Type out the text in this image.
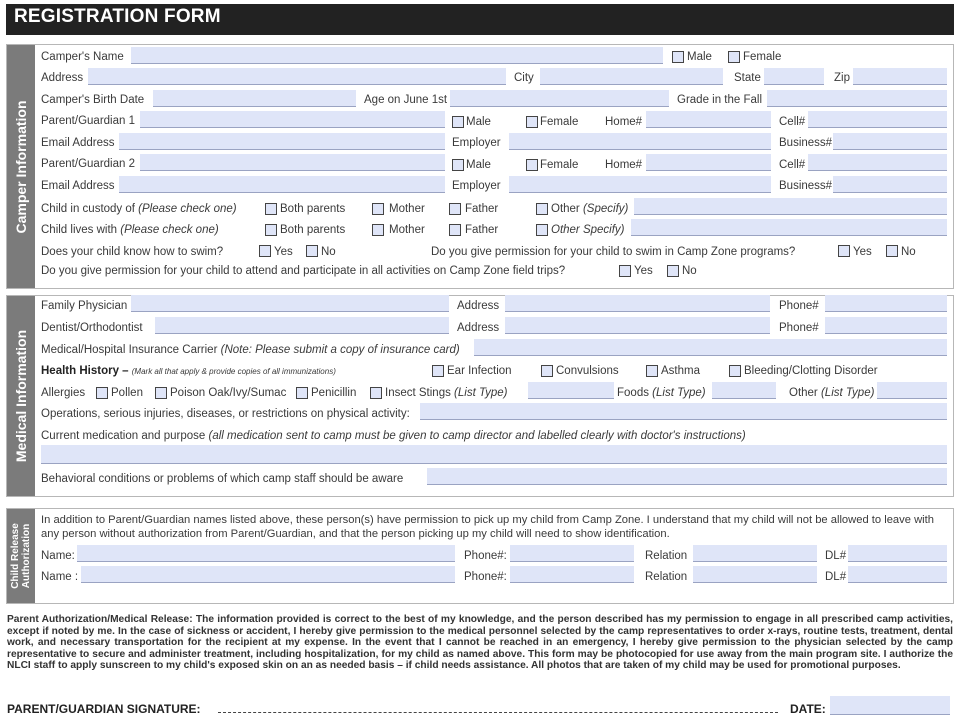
REGISTRATION FORM
Camper Information
Camper's Name	Male	Female
Address	City	State	Zip
Camper's Birth Date	Age on June 1st	Grade in the Fall
Parent/Guardian 1	Male	Female Home#	Cell#
Email Address	Employer	Business#
Parent/Guardian 2	Male	Female Home#	Cell#
Email Address	Employer	Business#
Child in custody of (Please check one)	Both parents	Mother	Father	Other (Specify)
Child lives with (Please check one)	Both parents	Mother	Father	Other Specify)
Does your child know how to swim?	Yes No	Do you give permission for your child to swim in Camp Zone programs?	Yes	No
Do you give permission for your child to attend and participate in all activities on Camp Zone field trips?	Yes	No
Medical Information
Family Physician	Address	Phone#
Dentist/Orthodontist	Address	Phone#
Medical/Hospital Insurance Carrier (Note: Please submit a copy of insurance card)
Health History – (Mark all that apply & provide copies of all immunizations)	Ear Infection	Convulsions	Asthma	Bleeding/Clotting Disorder
Allergies Pollen Poison Oak/Ivy/Sumac Penicillin Insect Stings (List Type)	Foods (List Type)	Other (List Type)
Operations, serious injuries, diseases, or restrictions on physical activity:
Current medication and purpose (all medication sent to camp must be given to camp director and labelled clearly with doctor's instructions)
Behavioral conditions or problems of which camp staff should be aware
Child Release
Authorization
In addition to Parent/Guardian names listed above, these person(s) have permission to pick up my child from Camp Zone. I understand that my child will not be allowed to leave with any person without authorization from Parent/Guardian, and that the person picking up my child will need to show identification.
Name:	Phone#:	Relation	DL#
Name :	Phone#:	Relation	DL#
Parent Authorization/Medical Release: The information provided is correct to the best of my knowledge, and the person described has my permission to engage in all prescribed camp activities, except if noted by me. In the case of sickness or accident, I hereby give permission to the medical personnel selected by the camp representatives to order x-rays, routine tests, treatment, dental work, and necessary transportation for the recipient at my expense. In the event that I cannot be reached in an emergency, I hereby give permission to the physician selected by the camp representative to secure and administer treatment, including hospitalization, for my child as named above. This form may be photocopied for use away from the main program site. I authorize the NLCI staff to apply sunscreen to my child's exposed skin on an as needed basis – if child needs assistance. All photos that are taken of my child may be used for promotional purposes.
PARENT/GUARDIAN SIGNATURE:	DATE:
